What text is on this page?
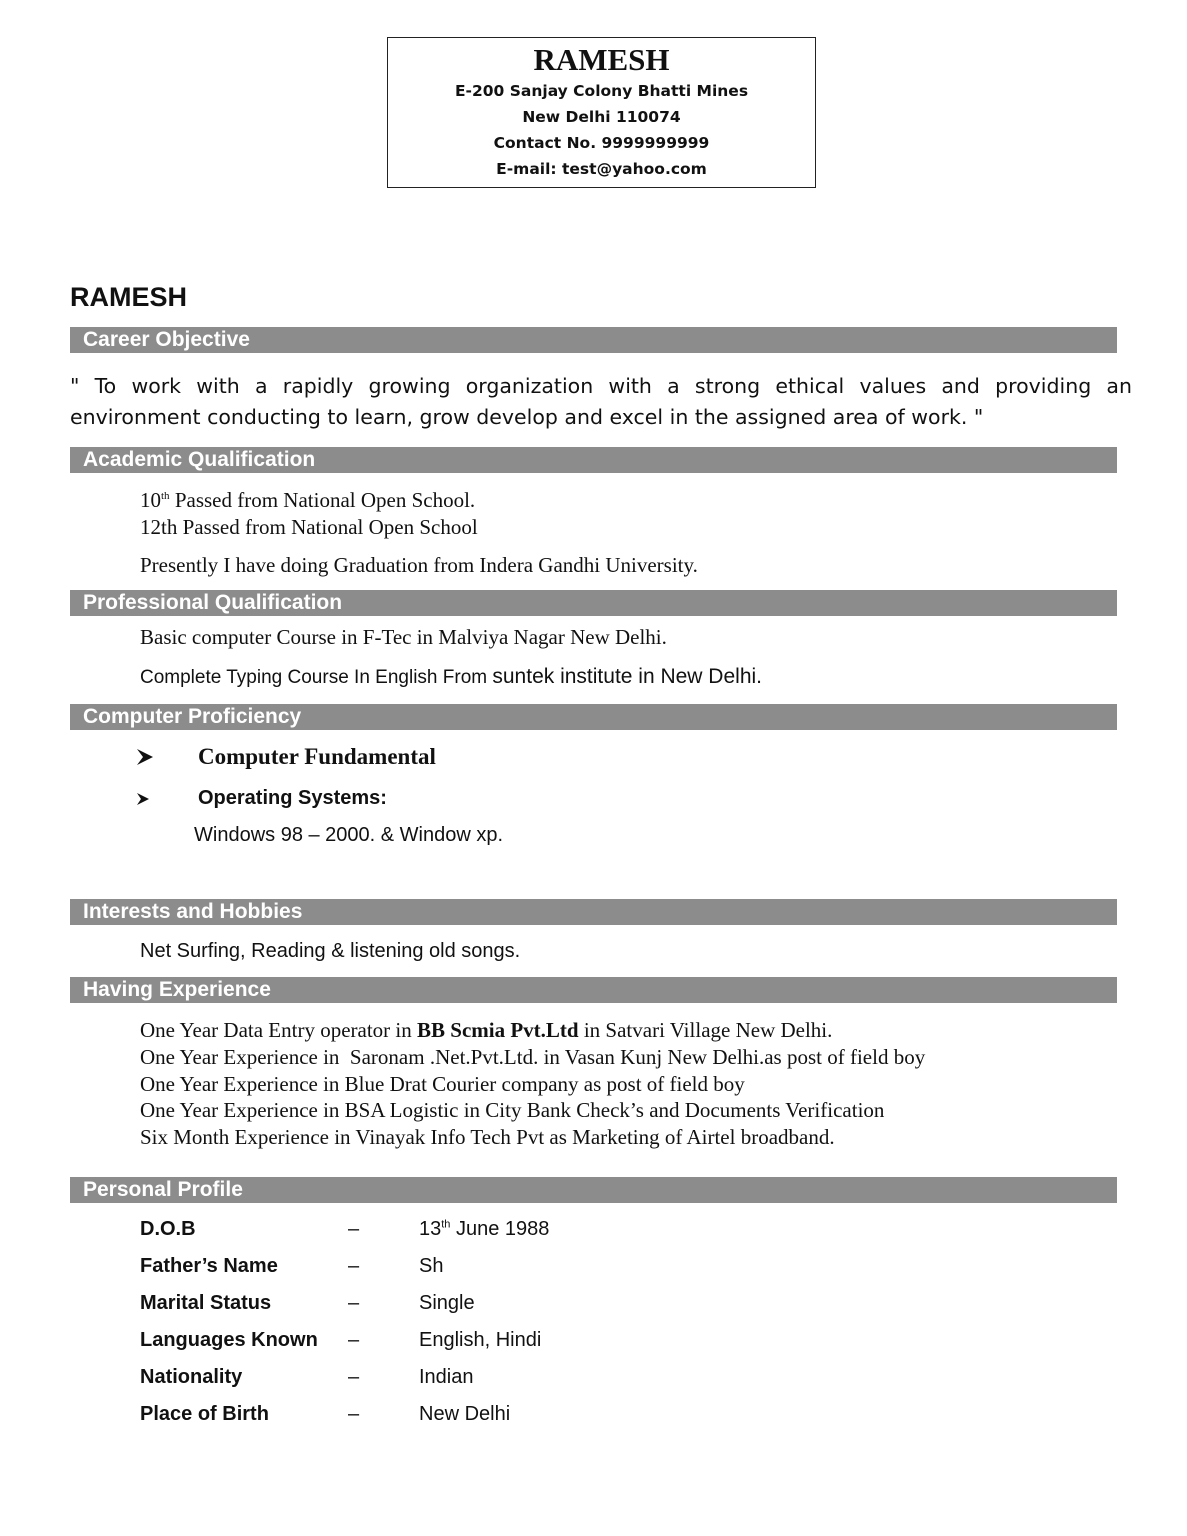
RAMESH
E-200 Sanjay Colony Bhatti Mines
New Delhi 110074
Contact No. 9999999999
E-mail: test@yahoo.com
RAMESH
Career Objective
" To work with a rapidly growing organization with a strong ethical values and providing an environment conducting to learn, grow develop and excel in the assigned area of work. "
Academic Qualification
10th Passed from National Open School.
12th Passed from National Open School
Presently I have doing Graduation from Indera Gandhi University.
Professional Qualification
Basic computer Course in F-Tec in Malviya Nagar New Delhi.
Complete Typing Course In English From suntek institute in New Delhi.
Computer Proficiency
Computer Fundamental
Operating Systems:
Windows 98 – 2000. & Window xp.
Interests and Hobbies
Net Surfing, Reading & listening old songs.
Having Experience
One Year Data Entry operator in BB Scmia Pvt.Ltd in Satvari Village New Delhi.
One Year Experience in  Saronam .Net.Pvt.Ltd. in Vasan Kunj New Delhi.as post of field boy
One Year Experience in Blue Drat Courier company as post of field boy
One Year Experience in BSA Logistic in City Bank Check’s and Documents Verification
Six Month Experience in Vinayak Info Tech Pvt as Marketing of Airtel broadband.
Personal Profile
D.O.B	–	13th June 1988
Father’s Name	–	Sh
Marital Status	–	Single
Languages Known –	English, Hindi
Nationality	–	Indian
Place of Birth	–	New Delhi
